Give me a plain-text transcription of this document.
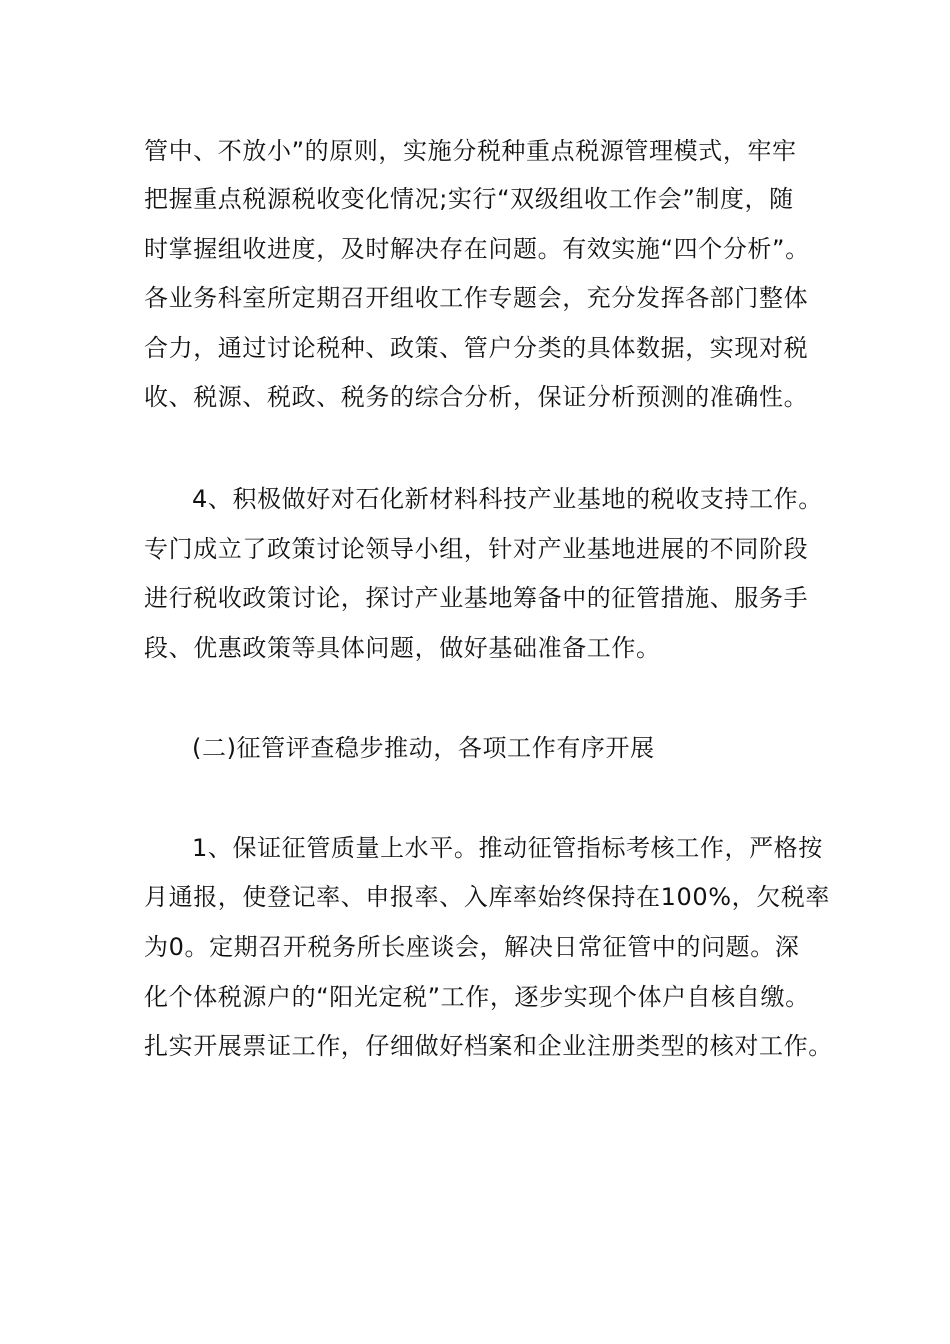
管中、不放小”的原则，实施分税种重点税源管理模式，牢牢
把握重点税源税收变化情况;实行“双级组收工作会”制度，随
时掌握组收进度，及时解决存在问题。有效实施“四个分析”。
各业务科室所定期召开组收工作专题会，充分发挥各部门整体
合力，通过讨论税种、政策、管户分类的具体数据，实现对税
收、税源、税政、税务的综合分析，保证分析预测的准确性。
4、积极做好对石化新材料科技产业基地的税收支持工作。
专门成立了政策讨论领导小组，针对产业基地进展的不同阶段
进行税收政策讨论，探讨产业基地筹备中的征管措施、服务手
段、优惠政策等具体问题，做好基础准备工作。
(二)征管评查稳步推动，各项工作有序开展
1、保证征管质量上水平。推动征管指标考核工作，严格按
月通报，使登记率、申报率、入库率始终保持在100%，欠税率
为0。定期召开税务所长座谈会，解决日常征管中的问题。深
化个体税源户的“阳光定税”工作，逐步实现个体户自核自缴。
扎实开展票证工作，仔细做好档案和企业注册类型的核对工作。
